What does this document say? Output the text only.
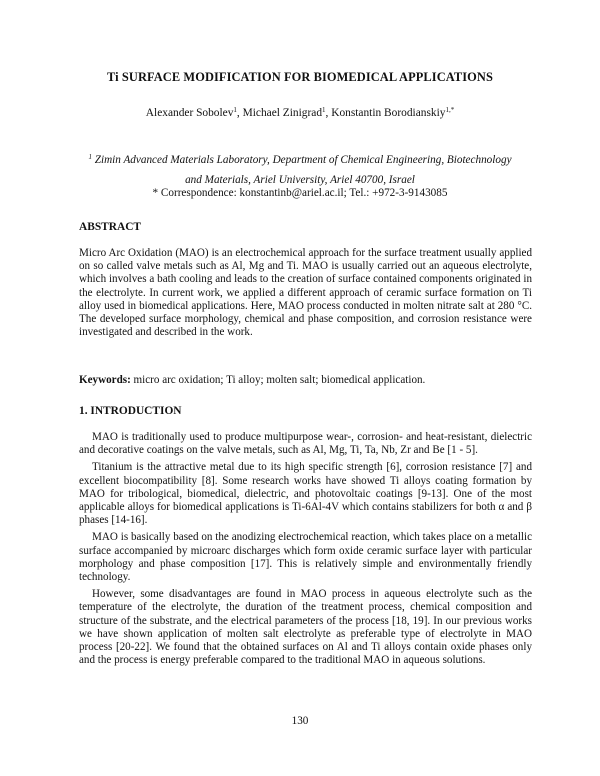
Ti SURFACE MODIFICATION FOR BIOMEDICAL APPLICATIONS
Alexander Sobolev$^1$, Michael Zinigrad$^1$, Konstantin Borodianskiy$^{1,*}$
$^1$ Zimin Advanced Materials Laboratory, Department of Chemical Engineering, Biotechnology and Materials, Ariel University, Ariel 40700, Israel
* Correspondence: konstantinb@ariel.ac.il; Tel.: +972-3-9143085
ABSTRACT
Micro Arc Oxidation (MAO) is an electrochemical approach for the surface treatment usually applied on so called valve metals such as Al, Mg and Ti. MAO is usually carried out an aqueous electrolyte, which involves a bath cooling and leads to the creation of surface contained components originated in the electrolyte. In current work, we applied a different approach of ceramic surface formation on Ti alloy used in biomedical applications. Here, MAO process conducted in molten nitrate salt at 280 °C. The developed surface morphology, chemical and phase composition, and corrosion resistance were investigated and described in the work.
Keywords: micro arc oxidation; Ti alloy; molten salt; biomedical application.
1. INTRODUCTION

MAO is traditionally used to produce multipurpose wear-, corrosion- and heat-resistant, dielectric and decorative coatings on the valve metals, such as Al, Mg, Ti, Ta, Nb, Zr and Be [1 - 5].

Titanium is the attractive metal due to its high specific strength [6], corrosion resistance [7] and excellent biocompatibility [8]. Some research works have showed Ti alloys coating formation by MAO for tribological, biomedical, dielectric, and photovoltaic coatings [9-13]. One of the most applicable alloys for biomedical applications is Ti-6Al-4V which contains stabilizers for both α and β phases [14-16].

MAO is basically based on the anodizing electrochemical reaction, which takes place on a metallic surface accompanied by microarc discharges which form oxide ceramic surface layer with particular morphology and phase composition [17]. This is relatively simple and environmentally friendly technology.

However, some disadvantages are found in MAO process in aqueous electrolyte such as the temperature of the electrolyte, the duration of the treatment process, chemical composition and structure of the substrate, and the electrical parameters of the process [18, 19]. In our previous works we have shown application of molten salt electrolyte as preferable type of electrolyte in MAO process [20-22]. We found that the obtained surfaces on Al and Ti alloys contain oxide phases only and the process is energy preferable compared to the traditional MAO in aqueous solutions.

130
